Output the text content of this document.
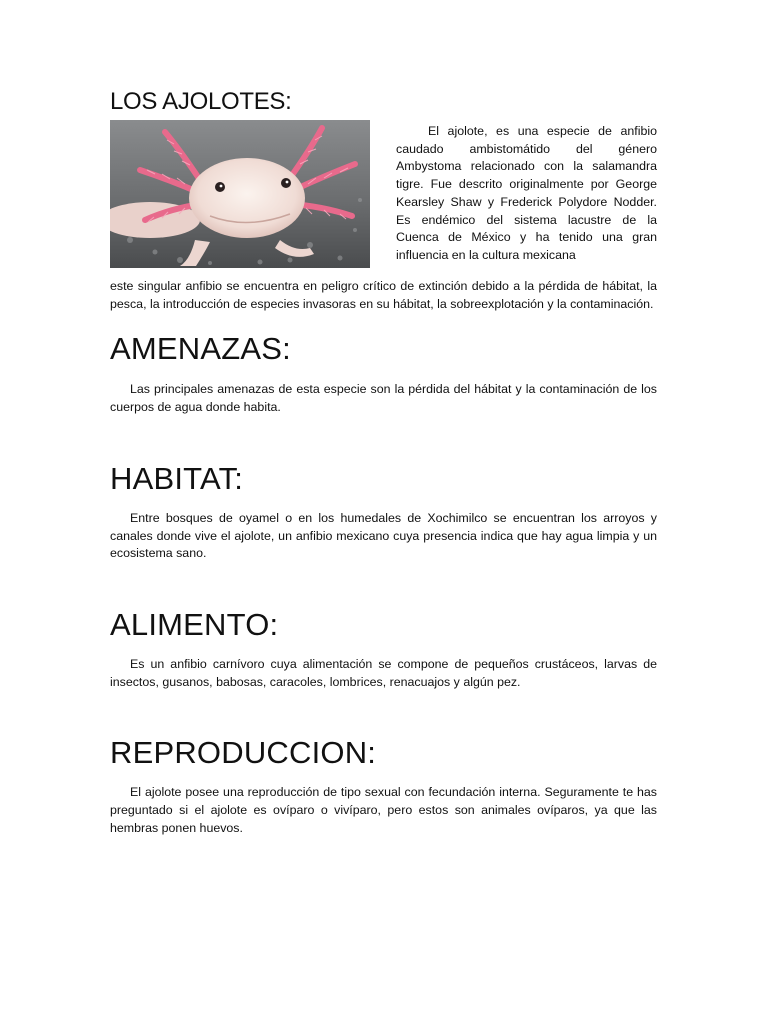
LOS AJOLOTES:

El ajolote, es una especie de anfibio caudado ambistomátido del género Ambystoma relacionado con la salamandra tigre. Fue descrito originalmente por George Kearsley Shaw y Frederick Polydore Nodder. Es endémico del sistema lacustre de la Cuenca de México y ha tenido una gran influencia en la cultura mexicana

este singular anfibio se encuentra en peligro crítico de extinción debido a la pérdida de hábitat, la pesca, la introducción de especies invasoras en su hábitat, la sobreexplotación y la contaminación.

AMENAZAS:

Las principales amenazas de esta especie son la pérdida del hábitat y la contaminación de los cuerpos de agua donde habita.

HABITAT:

Entre bosques de oyamel o en los humedales de Xochimilco se encuentran los arroyos y canales donde vive el ajolote, un anfibio mexicano cuya presencia indica que hay agua limpia y un ecosistema sano.

ALIMENTO:

Es un anfibio carnívoro cuya alimentación se compone de pequeños crustáceos, larvas de insectos, gusanos, babosas, caracoles, lombrices, renacuajos y algún pez.

REPRODUCCION:

El ajolote posee una reproducción de tipo sexual con fecundación interna. Seguramente te has preguntado si el ajolote es ovíparo o vivíparo, pero estos son animales ovíparos, ya que las hembras ponen huevos.
